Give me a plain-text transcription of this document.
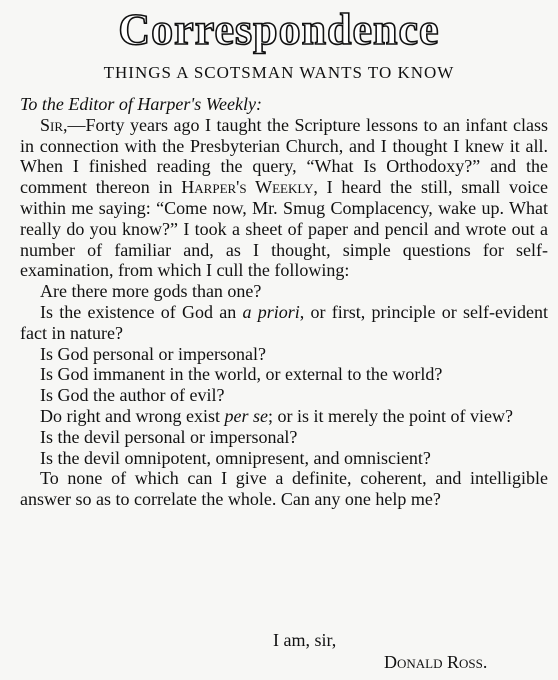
Correspondence
THINGS A SCOTSMAN WANTS TO KNOW

To the Editor of Harper's Weekly:

Sir,—Forty years ago I taught the Scripture lessons to an infant class in connection with the Presbyterian Church, and I thought I knew it all. When I finished reading the query, “What Is Orthodoxy?” and the comment thereon in Harper's Weekly, I heard the still, small voice within me saying: “Come now, Mr. Smug Complacency, wake up. What really do you know?” I took a sheet of paper and pencil and wrote out a number of familiar and, as I thought, simple questions for self-examination, from which I cull the following:

Are there more gods than one?

Is the existence of God an a priori, or first, principle or self-evident fact in nature?

Is God personal or impersonal?

Is God immanent in the world, or external to the world?

Is God the author of evil?

Do right and wrong exist per se; or is it merely the point of view?

Is the devil personal or impersonal?

Is the devil omnipotent, omnipresent, and omniscient?

To none of which can I give a definite, coherent, and intelligible answer so as to correlate the whole. Can any one help me?

I am, sir,
Donald Ross.
